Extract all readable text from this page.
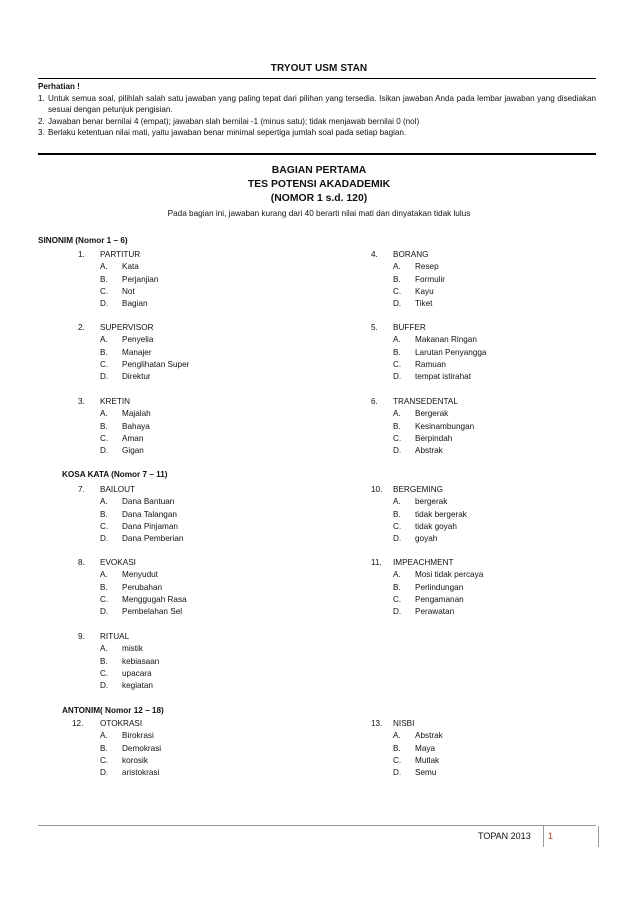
TRYOUT USM STAN
Perhatian !
1. Untuk semua soal, pilihlah salah satu jawaban yang paling tepat dari pilihan yang tersedia. Isikan jawaban Anda pada lembar jawaban yang disediakan sesuai dengan petunjuk pengisian.
2. Jawaban benar bernilai 4 (empat); jawaban slah bernilai -1 (minus satu); tidak menjawab bernilai 0 (nol)
3. Berlaku ketentuan nilai mati, yaitu jawaban benar minimal sepertiga jumlah soal pada setiap bagian.
BAGIAN PERTAMA
TES POTENSI AKADADEMIK
(NOMOR 1 s.d. 120)
Pada bagian ini, jawaban kurang dari 40 berarti nilai mati dan dinyatakan tidak lulus
SINONIM (Nomor 1 – 6)
KOSA KATA (Nomor 7 – 11)
ANTONIM( Nomor 12 – 18)
1.	PARTITUR
A.	Kata
B.	Perjanjian
C.	Not
D.	Bagian
2.	SUPERVISOR
A.	Penyelia
B.	Manajer
C.	Penglihatan Super
D.	Direktur
3.	KRETIN
A.	Majalah
B.	Bahaya
C.	Aman
D.	Gigan
7.	BAILOUT
A.	Dana Bantuan
B.	Dana Talangan
C.	Dana Pinjaman
D.	Dana Pemberian
8.	EVOKASI
A.	Menyudut
B.	Perubahan
C.	Menggugah Rasa
D.	Pembelahan Sel
9.	RITUAL
A.	mistik
B.	kebiasaan
C.	upacara
D.	kegiatan
12.	OTOKRASI
A.	Birokrasi
B.	Demokrasi
C.	korosik
D.	aristokrasi
4.	BORANG
A.	Resep
B.	Formulir
C.	Kayu
D.	Tiket
5.	BUFFER
A.	Makanan Ringan
B.	Larutan Penyangga
C.	Ramuan
D.	tempat istirahat
6.	TRANSEDENTAL
A.	Bergerak
B.	Kesinambungan
C.	Berpindah
D.	Abstrak
10.	BERGEMING
A.	bergerak
B.	tidak bergerak
C.	tidak goyah
D.	goyah
11.	IMPEACHMENT
A.	Mosi tidak percaya
B.	Perlindungan
C.	Pengamanan
D.	Perawatan
13.	NISBI
A.	Abstrak
B.	Maya
C.	Mutlak
D.	Semu
TOPAN 2013 1
